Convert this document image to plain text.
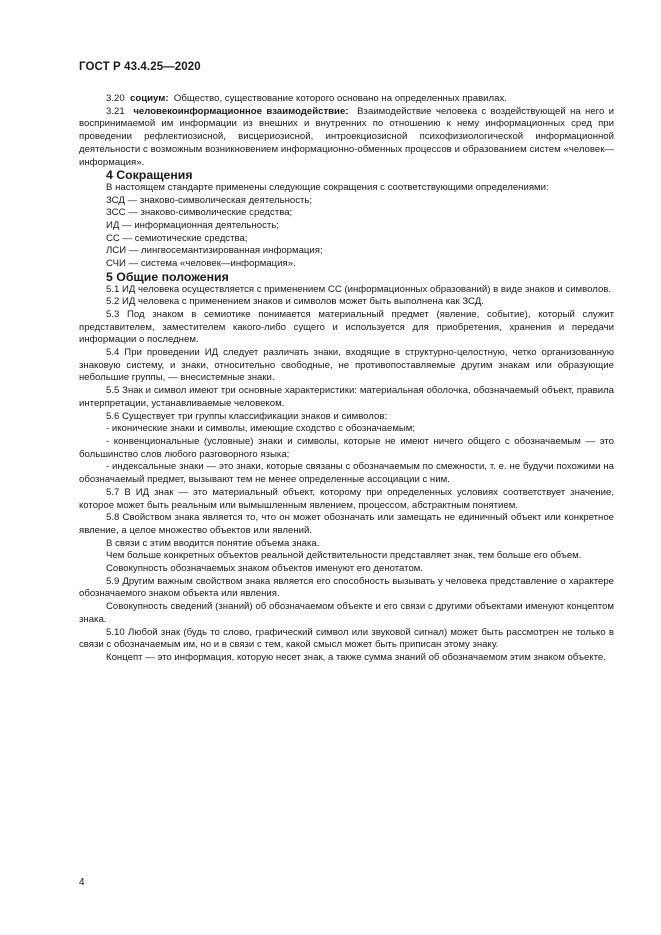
ГОСТ Р 43.4.25—2020

3.20 социум: Общество, существование которого основано на определенных правилах.

3.21 человекоинформационное взаимодействие: Взаимодействие человека с воздействующей на него и воспринимаемой им информации из внешних и внутренних по отношению к нему информационных сред при проведении рефлектиозисной, висцериозисной, интроекциозисной психофизиологической информационной деятельности с возможным возникновением информационно-обменных процессов и образованием систем «человек—информация».

4 Сокращения

В настоящем стандарте применены следующие сокращения с соответствующими определениями:

ЗСД — знаково-символическая деятельность;

ЗСС — знаково-символические средства;

ИД — информационная деятельность;

СС — семиотические средства;

ЛСИ — лингвосемантизированная информация;

СЧИ — система «человек—информация».

5 Общие положения

5.1 ИД человека осуществляется с применением СС (информационных образований) в виде знаков и символов.

5.2 ИД человека с применением знаков и символов может быть выполнена как ЗСД.

5.3 Под знаком в семиотике понимается материальный предмет (явление, событие), который служит представителем, заместителем какого-либо сущего и используется для приобретения, хранения и передачи информации о последнем.

5.4 При проведении ИД следует различать знаки, входящие в структурно-целостную, четко организованную знаковую систему, и знаки, относительно свободные, не противопоставляемые другим знакам или образующие небольшие группы, — внесистемные знаки.

5.5 Знак и символ имеют три основные характеристики: материальная оболочка, обозначаемый объект, правила интерпретации, устанавливаемые человеком.

5.6 Существует три группы классификации знаков и символов:

- иконические знаки и символы, имеющие сходство с обозначаемым;

- конвенциональные (условные) знаки и символы, которые не имеют ничего общего с обозначаемым — это большинство слов любого разговорного языка;

- индексальные знаки — это знаки, которые связаны с обозначаемым по смежности, т. е. не будучи похожими на обозначаемый предмет, вызывают тем не менее определенные ассоциации с ним.

5.7 В ИД знак — это материальный объект, которому при определенных условиях соответствует значение, которое может быть реальным или вымышленным явлением, процессом, абстрактным понятием.

5.8 Свойством знака является то, что он может обозначать или замещать не единичный объект или конкретное явление, а целое множество объектов или явлений.

В связи с этим вводится понятие объема знака.

Чем больше конкретных объектов реальной действительности представляет знак, тем больше его объем.

Совокупность обозначаемых знаком объектов именуют его денотатом.

5.9 Другим важным свойством знака является его способность вызывать у человека представление о характере обозначаемого знаком объекта или явления.

Совокупность сведений (знаний) об обозначаемом объекте и его связи с другими объектами именуют концептом знака.

5.10 Любой знак (будь то слово, графический символ или звуковой сигнал) может быть рассмотрен не только в связи с обозначаемым им, но и в связи с тем, какой смысл может быть приписан этому знаку.

Концепт — это информация, которую несет знак, а также сумма знаний об обозначаемом этим знаком объекте.

4
